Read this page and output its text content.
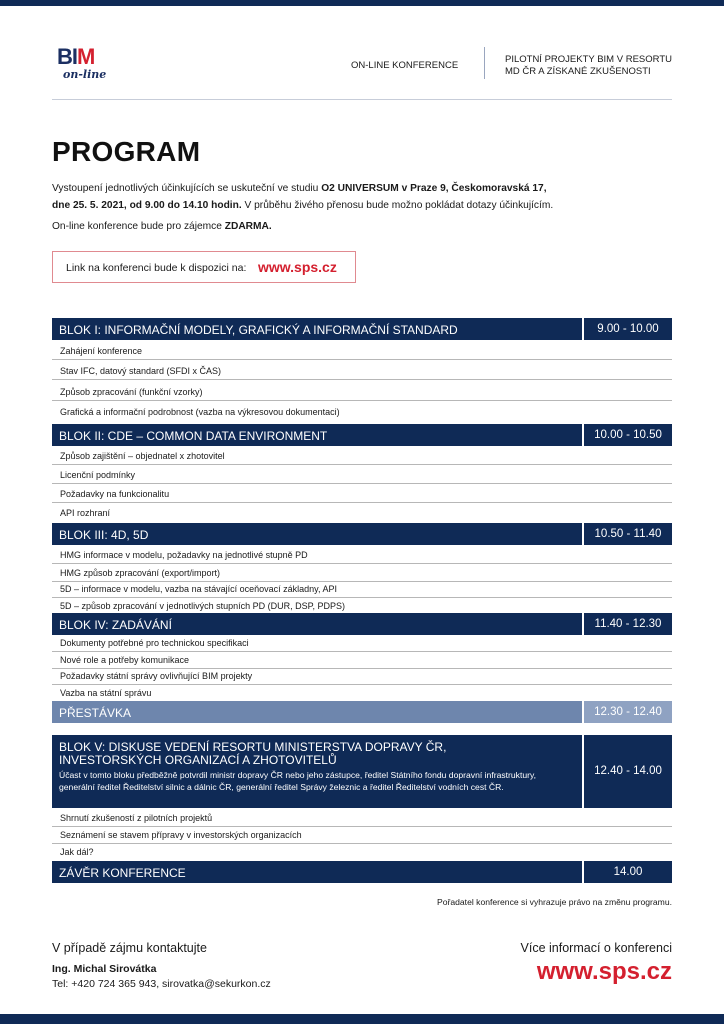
BIM
on-line
ON-LINE KONFERENCE
PILOTNÍ PROJEKTY BIM V RESORTU
MD ČR A ZÍSKANÉ ZKUŠENOSTI
PROGRAM

Vystoupení jednotlivých účinkujících se uskuteční ve studiu O2 UNIVERSUM v Praze 9, Českomoravská 17,
dne 25. 5. 2021, od 9.00 do 14.10 hodin. V průběhu živého přenosu bude možno pokládat dotazy účinkujícím.

On-line konference bude pro zájemce ZDARMA.

Link na konferenci bude k dispozici na: www.sps.cz
BLOK I: INFORMAČNÍ MODELY, GRAFICKÝ A INFORMAČNÍ STANDARD	9.00 - 10.00
Zahájení konference
Stav IFC, datový standard (SFDI x ČAS)
Způsob zpracování (funkční vzorky)
Grafická a informační podrobnost (vazba na výkresovou dokumentaci)
BLOK II: CDE – COMMON DATA ENVIRONMENT	10.00 - 10.50
Způsob zajištění – objednatel x zhotovitel
Licenční podmínky
Požadavky na funkcionalitu
API rozhraní
BLOK III: 4D, 5D	10.50 - 11.40
HMG informace v modelu, požadavky na jednotlivé stupně PD
HMG způsob zpracování (export/import)
5D – informace v modelu, vazba na stávající oceňovací základny, API
5D – způsob zpracování v jednotlivých stupních PD (DUR, DSP, PDPS)
BLOK IV: ZADÁVÁNÍ	11.40 - 12.30
Dokumenty potřebné pro technickou specifikaci
Nové role a potřeby komunikace
Požadavky státní správy ovlivňující BIM projekty
Vazba na státní správu
PŘESTÁVKA	12.30 - 12.40
BLOK V: DISKUSE VEDENÍ RESORTU MINISTERSTVA DOPRAVY ČR,
INVESTORSKÝCH ORGANIZACÍ A ZHOTOVITELŮ
Účast v tomto bloku předběžně potvrdil ministr dopravy ČR nebo jeho zástupce, ředitel Státního fondu dopravní infrastruktury, generální ředitel Ředitelství silnic a dálnic ČR, generální ředitel Správy železnic a ředitel Ředitelství vodních cest ČR.
12.40 - 14.00
Shrnutí zkušeností z pilotních projektů
Seznámení se stavem přípravy v investorských organizacích
Jak dál?
ZÁVĚR KONFERENCE	14.00
Pořadatel konference si vyhrazuje právo na změnu programu.
V případě zájmu kontaktujte
Ing. Michal Sirovátka
Tel: +420 724 365 943, sirovatka@sekurkon.cz
Více informací o konferenci
www.sps.cz
